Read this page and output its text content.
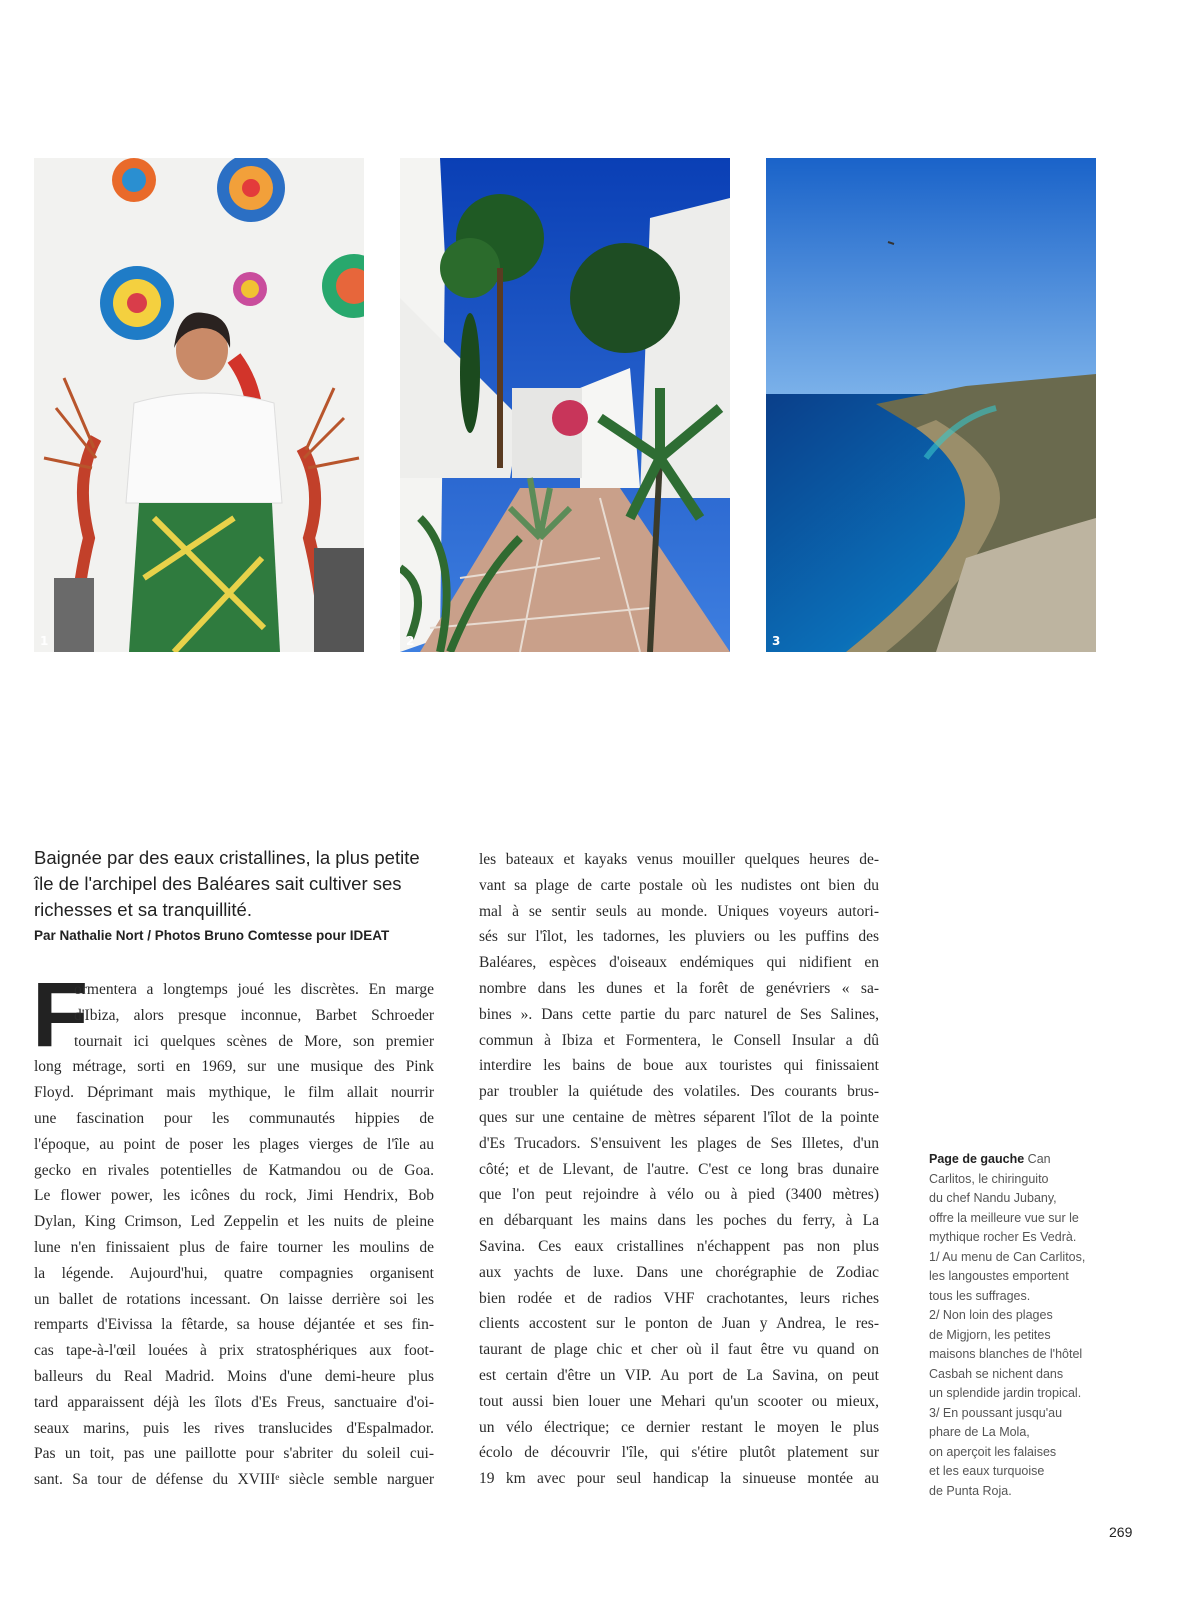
1	2	3
Baignée par des eaux cristallines, la plus petite île de l'archipel des Baléares sait cultiver ses richesses et sa tranquillité.
Par Nathalie Nort / Photos Bruno Comtesse pour IDEAT
F
ormentera a longtemps joué les discrètes. En marge
d'Ibiza, alors presque inconnue, Barbet Schroeder
tournait ici quelques scènes de More, son premier
long métrage, sorti en 1969, sur une musique des Pink
Floyd. Déprimant mais mythique, le film allait nourrir
une fascination pour les communautés hippies de
l'époque, au point de poser les plages vierges de l'île au
gecko en rivales potentielles de Katmandou ou de Goa.
Le flower power, les icônes du rock, Jimi Hendrix, Bob
Dylan, King Crimson, Led Zeppelin et les nuits de pleine
lune n'en finissaient plus de faire tourner les moulins de
la légende. Aujourd'hui, quatre compagnies organisent
un ballet de rotations incessant. On laisse derrière soi les
remparts d'Eivissa la fêtarde, sa house déjantée et ses fin-
cas tape-à-l'œil louées à prix stratosphériques aux foot-
balleurs du Real Madrid. Moins d'une demi-heure plus
tard apparaissent déjà les îlots d'Es Freus, sanctuaire d'oi-
seaux marins, puis les rives translucides d'Espalmador.
Pas un toit, pas une paillotte pour s'abriter du soleil cui-
sant. Sa tour de défense du XVIIIᵉ siècle semble narguer
les bateaux et kayaks venus mouiller quelques heures de-
vant sa plage de carte postale où les nudistes ont bien du
mal à se sentir seuls au monde. Uniques voyeurs autori-
sés sur l'îlot, les tadornes, les pluviers ou les puffins des
Baléares, espèces d'oiseaux endémiques qui nidifient en
nombre dans les dunes et la forêt de genévriers « sa-
bines ». Dans cette partie du parc naturel de Ses Salines,
commun à Ibiza et Formentera, le Consell Insular a dû
interdire les bains de boue aux touristes qui finissaient
par troubler la quiétude des volatiles. Des courants brus-
ques sur une centaine de mètres séparent l'îlot de la pointe
d'Es Trucadors. S'ensuivent les plages de Ses Illetes, d'un
côté; et de Llevant, de l'autre. C'est ce long bras dunaire
que l'on peut rejoindre à vélo ou à pied (3400 mètres)
en débarquant les mains dans les poches du ferry, à La
Savina. Ces eaux cristallines n'échappent pas non plus
aux yachts de luxe. Dans une chorégraphie de Zodiac
bien rodée et de radios VHF crachotantes, leurs riches
clients accostent sur le ponton de Juan y Andrea, le res-
taurant de plage chic et cher où il faut être vu quand on
est certain d'être un VIP. Au port de La Savina, on peut
tout aussi bien louer une Mehari qu'un scooter ou mieux,
un vélo électrique; ce dernier restant le moyen le plus
écolo de découvrir l'île, qui s'étire plutôt platement sur
19 km avec pour seul handicap la sinueuse montée au
Page de gauche Can
Carlitos, le chiringuito
du chef Nandu Jubany,
offre la meilleure vue sur le
mythique rocher Es Vedrà.
1/ Au menu de Can Carlitos,
les langoustes emportent
tous les suffrages.
2/ Non loin des plages
de Migjorn, les petites
maisons blanches de l'hôtel
Casbah se nichent dans
un splendide jardin tropical.
3/ En poussant jusqu'au
phare de La Mola,
on aperçoit les falaises
et les eaux turquoise
de Punta Roja.
269
